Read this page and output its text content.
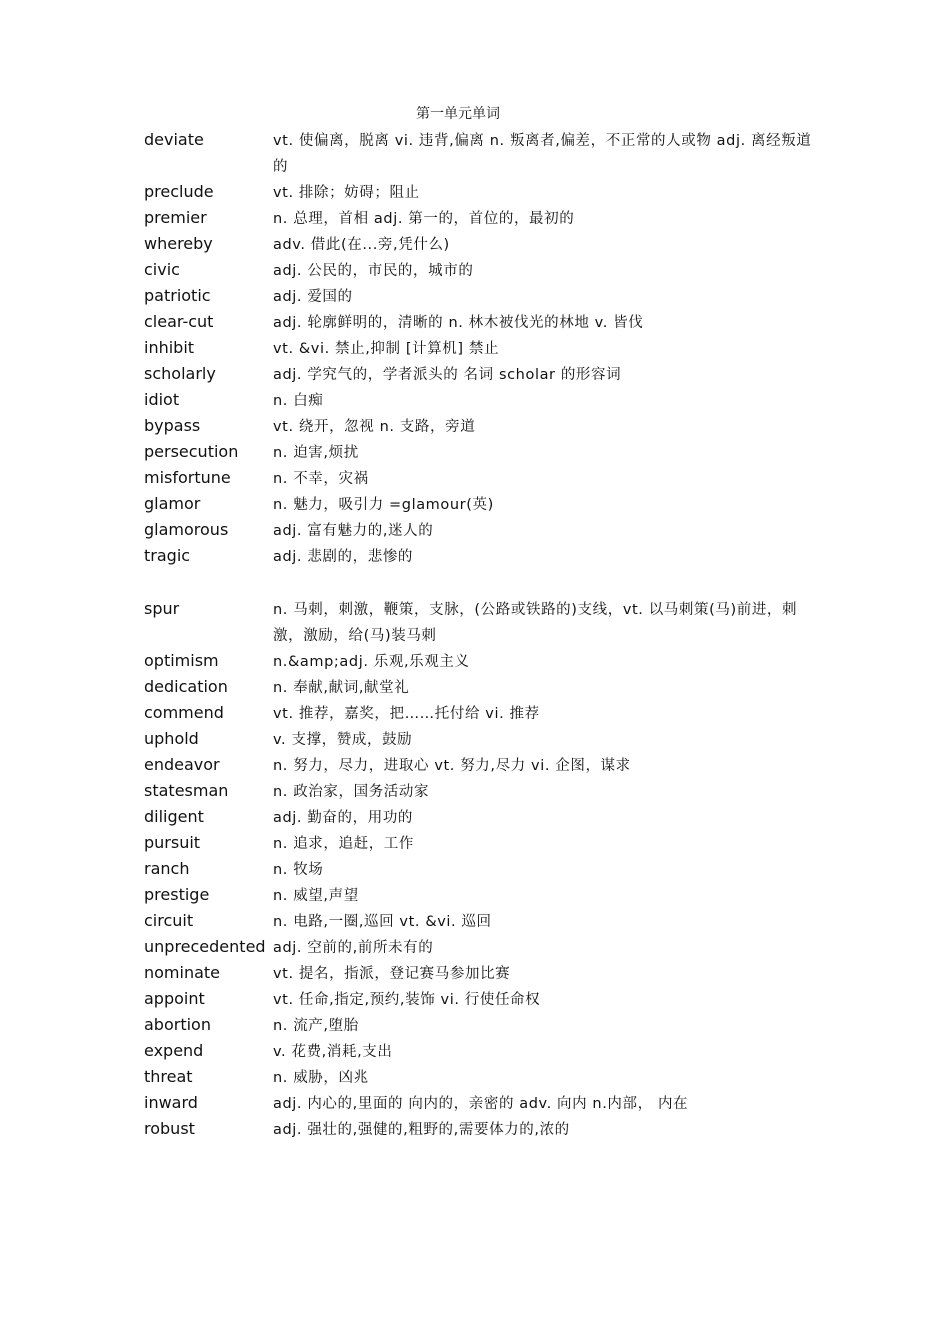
第一单元单词
deviate	vt. 使偏离，脱离 vi. 违背,偏离 n. 叛离者,偏差，不正常的人或物 adj. 离经叛道的
preclude	vt. 排除；妨碍；阻止
premier	n. 总理，首相 adj. 第一的，首位的，最初的
whereby	adv. 借此(在...旁,凭什么)
civic	adj. 公民的，市民的，城市的
patriotic	adj. 爱国的
clear-cut	adj. 轮廓鲜明的，清晰的 n. 林木被伐光的林地 v. 皆伐
inhibit	vt. &vi. 禁止,抑制 [计算机] 禁止
scholarly	adj. 学究气的，学者派头的 名词 scholar 的形容词
idiot	n. 白痴
bypass	vt. 绕开，忽视 n. 支路，旁道
persecution	n. 迫害,烦扰
misfortune	n. 不幸，灾祸
glamor	n. 魅力，吸引力 =glamour(英)
glamorous	adj. 富有魅力的,迷人的
tragic	adj. 悲剧的，悲惨的
spur	n. 马刺，刺激，鞭策，支脉，(公路或铁路的)支线，vt. 以马刺策(马)前进，刺激，激励，给(马)装马刺
optimism	n.&amp;adj. 乐观,乐观主义
dedication	n. 奉献,献词,献堂礼
commend	vt. 推荐，嘉奖，把……托付给 vi. 推荐
uphold	v. 支撑，赞成，鼓励
endeavor	n. 努力，尽力，进取心 vt. 努力,尽力 vi. 企图，谋求
statesman	n. 政治家，国务活动家
diligent	adj. 勤奋的，用功的
pursuit	n. 追求，追赶，工作
ranch	n. 牧场
prestige	n. 威望,声望
circuit	n. 电路,一圈,巡回 vt. &vi. 巡回
unprecedented adj. 空前的,前所未有的
nominate	vt. 提名，指派，登记赛马参加比赛
appoint	vt. 任命,指定,预约,装饰 vi. 行使任命权
abortion	n. 流产,堕胎
expend	v. 花费,消耗,支出
threat	n. 威胁，凶兆
inward	adj. 内心的,里面的 向内的，亲密的 adv. 向内 n.内部， 内在
robust	adj. 强壮的,强健的,粗野的,需要体力的,浓的
